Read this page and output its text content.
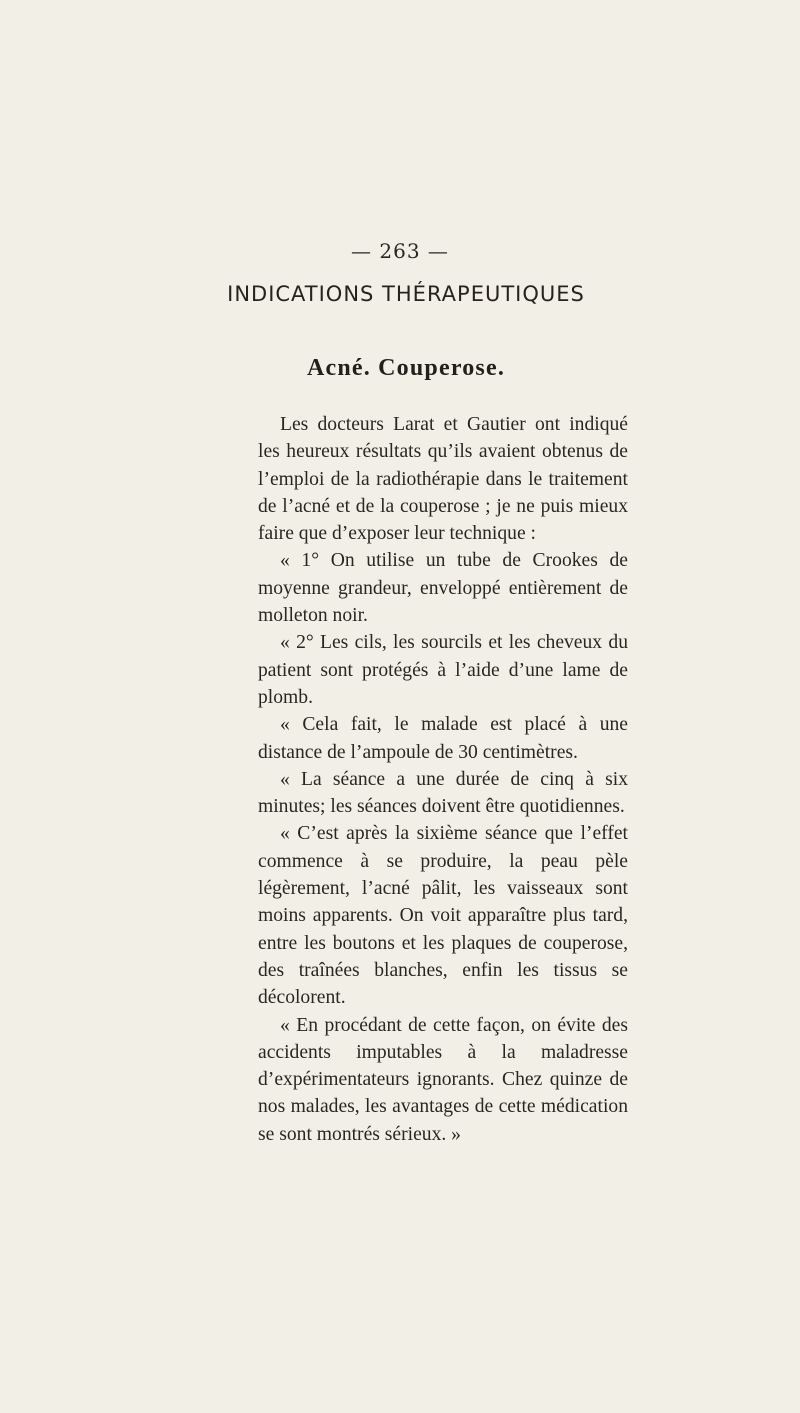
— 263 —
INDICATIONS THÉRAPEUTIQUES
Acné. Couperose.

Les docteurs Larat et Gautier ont indiqué les heureux résultats qu’ils avaient obtenus de l’emploi de la radiothérapie dans le traitement de l’acné et de la couperose ; je ne puis mieux faire que d’exposer leur technique :

« 1° On utilise un tube de Crookes de moyenne grandeur, enveloppé entièrement de molleton noir.

« 2° Les cils, les sourcils et les cheveux du patient sont protégés à l’aide d’une lame de plomb.

« Cela fait, le malade est placé à une distance de l’ampoule de 30 centimètres.

« La séance a une durée de cinq à six minutes; les séances doivent être quotidiennes.

« C’est après la sixième séance que l’effet commence à se produire, la peau pèle légèrement, l’acné pâlit, les vaisseaux sont moins apparents. On voit apparaître plus tard, entre les boutons et les plaques de couperose, des traînées blanches, enfin les tissus se décolorent.

« En procédant de cette façon, on évite des accidents imputables à la maladresse d’expérimentateurs ignorants. Chez quinze de nos malades, les avantages de cette médication se sont montrés sérieux. »
